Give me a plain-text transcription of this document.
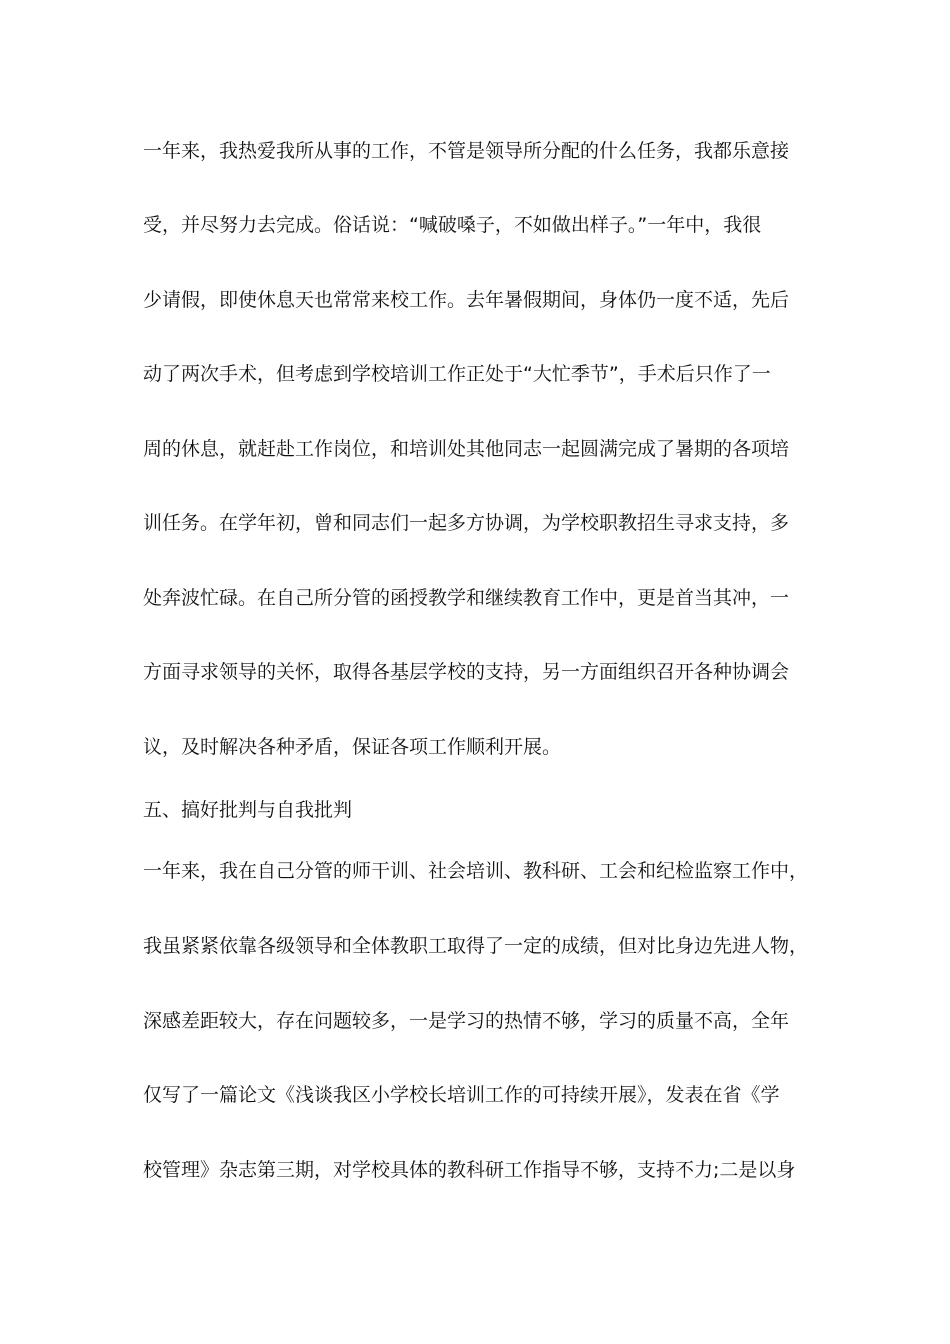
一年来，我热爱我所从事的工作，不管是领导所分配的什么任务，我都乐意接

受，并尽努力去完成。俗话说：“喊破嗓子，不如做出样子。”一年中，我很

少请假，即使休息天也常常来校工作。去年暑假期间，身体仍一度不适，先后

动了两次手术，但考虑到学校培训工作正处于“大忙季节”，手术后只作了一

周的休息，就赶赴工作岗位，和培训处其他同志一起圆满完成了暑期的各项培

训任务。在学年初，曾和同志们一起多方协调，为学校职教招生寻求支持，多

处奔波忙碌。在自己所分管的函授教学和继续教育工作中，更是首当其冲，一

方面寻求领导的关怀，取得各基层学校的支持，另一方面组织召开各种协调会

议，及时解决各种矛盾，保证各项工作顺利开展。

五、搞好批判与自我批判

一年来，我在自己分管的师干训、社会培训、教科研、工会和纪检监察工作中，

我虽紧紧依靠各级领导和全体教职工取得了一定的成绩，但对比身边先进人物，

深感差距较大，存在问题较多，一是学习的热情不够，学习的质量不高，全年

仅写了一篇论文《浅谈我区小学校长培训工作的可持续开展》，发表在省《学

校管理》杂志第三期，对学校具体的教科研工作指导不够，支持不力;二是以身
